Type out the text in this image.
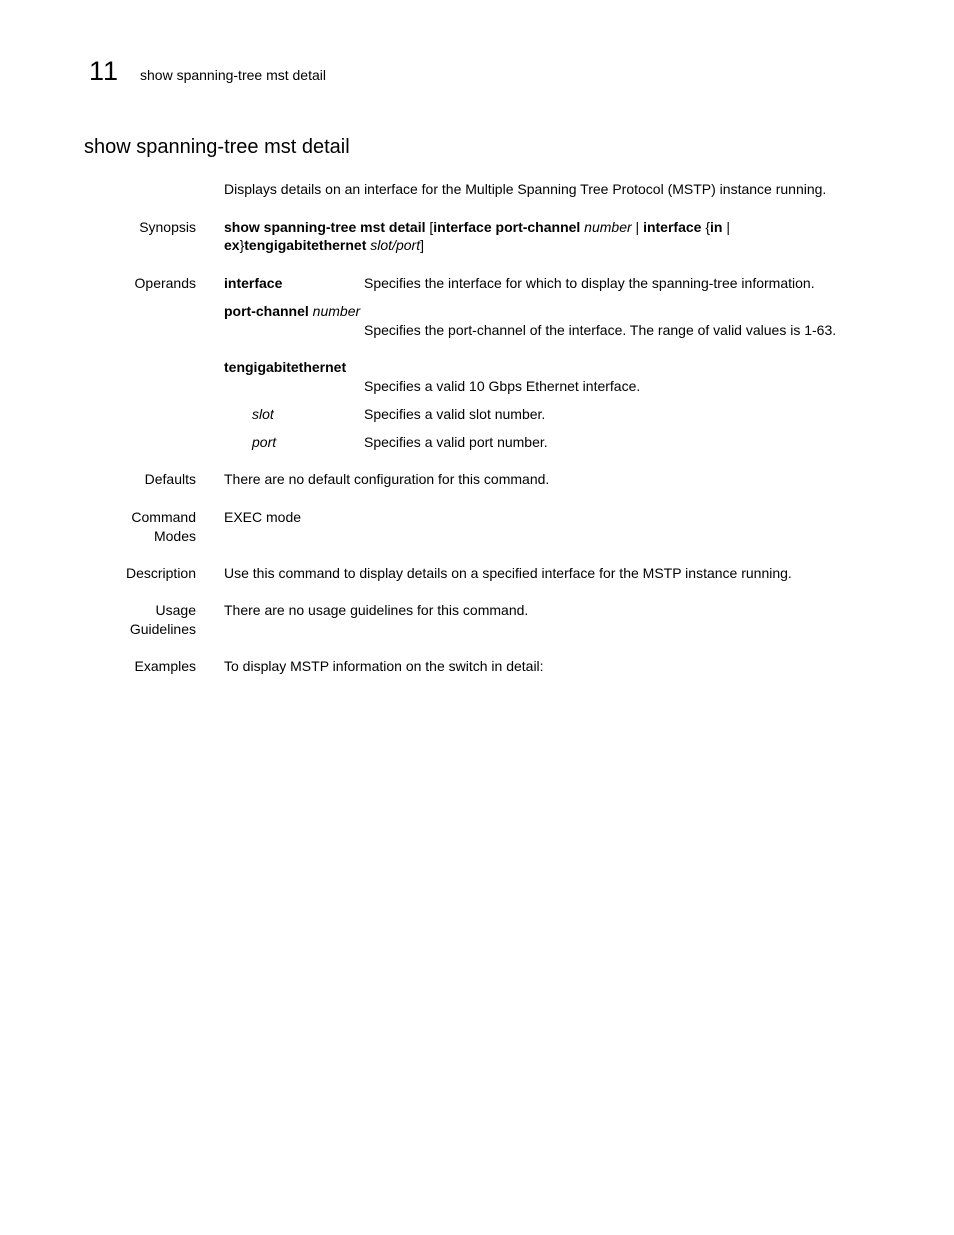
11 show spanning-tree mst detail
show spanning-tree mst detail
Displays details on an interface for the Multiple Spanning Tree Protocol (MSTP) instance running.
Synopsis show spanning-tree mst detail [interface port-channel number | interface {in | ex}tengigabitethernet slot/port]
Operands interface	Specifies the interface for which to display the spanning-tree information.
port-channel number
Specifies the port-channel of the interface. The range of valid values is 1-63.
tengigabitethernet
Specifies a valid 10 Gbps Ethernet interface.
slot	Specifies a valid slot number.
port	Specifies a valid port number.
Defaults There are no default configuration for this command.
Command
Modes
EXEC mode
Description Use this command to display details on a specified interface for the MSTP instance running.
Usage
Guidelines
There are no usage guidelines for this command.
Examples To display MSTP information on the switch in detail:
